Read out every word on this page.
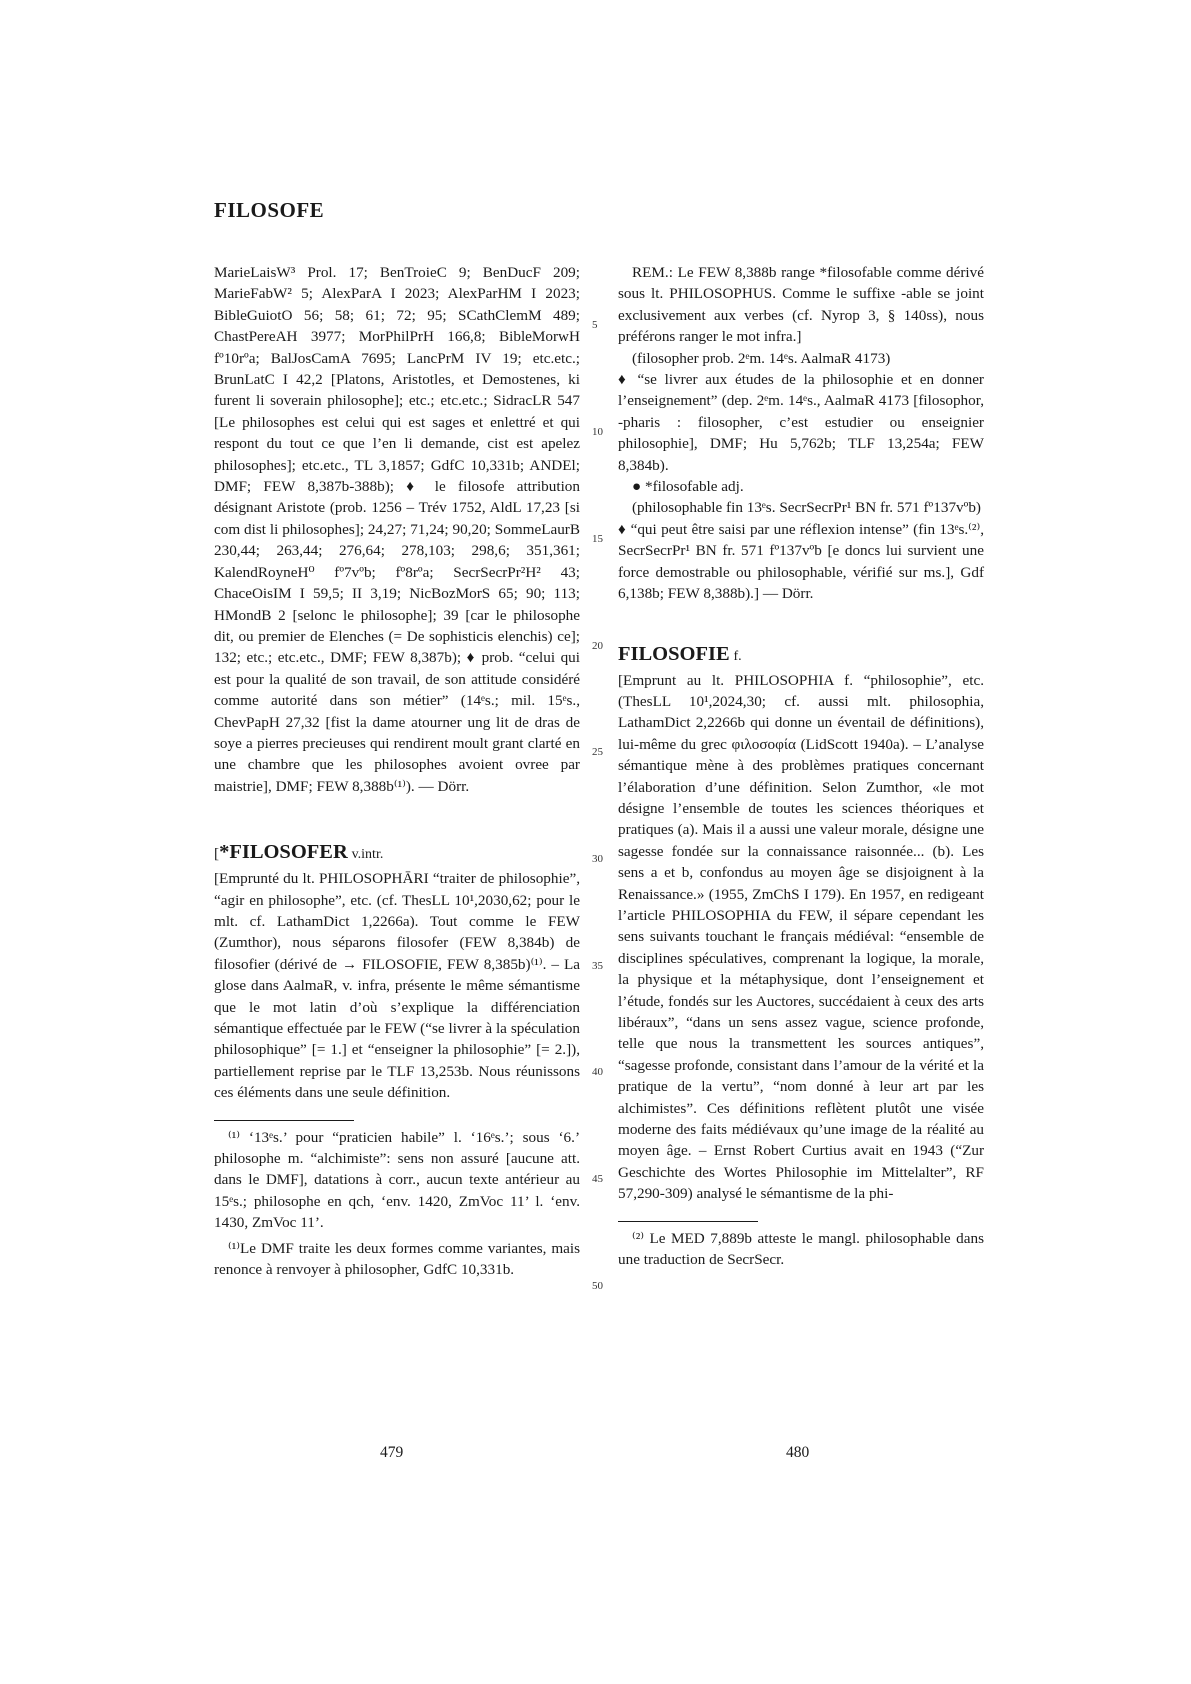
FILOSOFE

MarieLaisW³ Prol. 17; BenTroieC 9; BenDucF 209; MarieFabW² 5; AlexParA I 2023; AlexParHM I 2023; BibleGuiotO 56; 58; 61; 72; 95; SCathClemM 489; ChastPereAH 3977; MorPhilPrH 166,8; BibleMorwH fº10rºa; BalJosCamA 7695; LancPrM IV 19; etc.etc.; BrunLatC I 42,2 [Platons, Aristotles, et Demostenes, ki furent li soverain philosophe]; etc.; etc.etc.; SidracLR 547 [Le philosophes est celui qui est sages et enlettré et qui respont du tout ce que l’en li demande, cist est apelez philosophes]; etc.etc., TL 3,1857; GdfC 10,331b; ANDEl; DMF; FEW 8,387b-388b); ♦ le filosofe attribution désignant Aristote (prob. 1256 – Trév 1752, AldL 17,23 [si com dist li philosophes]; 24,27; 71,24; 90,20; SommeLaurB 230,44; 263,44; 276,64; 278,103; 298,6; 351,361; KalendRoyneH⁰ fº7vºb; fº8rºa; SecrSecrPr²H² 43; ChaceOisIM I 59,5; II 3,19; NicBozMorS 65; 90; 113; HMondB 2 [selonc le philosophe]; 39 [car le philosophe dit, ou premier de Elenches (= De sophisticis elenchis) ce]; 132; etc.; etc.etc., DMF; FEW 8,387b); ♦ prob. “celui qui est pour la qualité de son travail, de son attitude considéré comme autorité dans son métier” (14ᵉs.; mil. 15ᵉs., ChevPapH 27,32 [fist la dame atourner ung lit de dras de soye a pierres precieuses qui rendirent moult grant clarté en une chambre que les philosophes avoient ovree par maistrie], DMF; FEW 8,388b⁽¹⁾). — Dörr.

[*FILOSOFER v.intr.

[Emprunté du lt. PHILOSOPHĀRI “traiter de philosophie”, “agir en philosophe”, etc. (cf. ThesLL 10¹,2030,62; pour le mlt. cf. LathamDict 1,2266a). Tout comme le FEW (Zumthor), nous séparons filosofer (FEW 8,384b) de filosofier (dérivé de → FILOSOFIE, FEW 8,385b)⁽¹⁾. – La glose dans AalmaR, v. infra, présente le même sémantisme que le mot latin d’où s’explique la différenciation sémantique effectuée par le FEW (“se livrer à la spéculation philosophique” [= 1.] et “enseigner la philosophie” [= 2.]), partiellement reprise par le TLF 13,253b. Nous réunissons ces éléments dans une seule définition.

⁽¹⁾ ‘13ᵉs.’ pour “praticien habile” l. ‘16ᵉs.’; sous ‘6.’ philosophe m. “alchimiste”: sens non assuré [aucune att. dans le DMF], datations à corr., aucun texte antérieur au 15ᵉs.; philosophe en qch, ‘env. 1420, ZmVoc 11’ l. ‘env. 1430, ZmVoc 11’.

⁽¹⁾Le DMF traite les deux formes comme variantes, mais renonce à renvoyer à philosopher, GdfC 10,331b.

REM.: Le FEW 8,388b range *filosofable comme dérivé sous lt. PHILOSOPHUS. Comme le suffixe -able se joint exclusivement aux verbes (cf. Nyrop 3, § 140ss), nous préférons ranger le mot infra.]

(filosopher prob. 2ᵉm. 14ᵉs. AalmaR 4173)

♦ “se livrer aux études de la philosophie et en donner l’enseignement” (dep. 2ᵉm. 14ᵉs., AalmaR 4173 [filosophor, -pharis : filosopher, c’est estudier ou enseignier philosophie], DMF; Hu 5,762b; TLF 13,254a; FEW 8,384b).

● *filosofable adj.

(philosophable fin 13ᵉs. SecrSecrPr¹ BN fr. 571 fº137vºb)

♦ “qui peut être saisi par une réflexion intense” (fin 13ᵉs.⁽²⁾, SecrSecrPr¹ BN fr. 571 fº137vºb [e doncs lui survient une force demostrable ou philosophable, vérifié sur ms.], Gdf 6,138b; FEW 8,388b).] — Dörr.

FILOSOFIE f.

[Emprunt au lt. PHILOSOPHIA f. “philosophie”, etc. (ThesLL 10¹,2024,30; cf. aussi mlt. philosophia, LathamDict 2,2266b qui donne un éventail de définitions), lui-même du grec φιλοσοφία (LidScott 1940a). – L’analyse sémantique mène à des problèmes pratiques concernant l’élaboration d’une définition. Selon Zumthor, «le mot désigne l’ensemble de toutes les sciences théoriques et pratiques (a). Mais il a aussi une valeur morale, désigne une sagesse fondée sur la connaissance raisonnée... (b). Les sens a et b, confondus au moyen âge se disjoignent à la Renaissance.» (1955, ZmChS I 179). En 1957, en redigeant l’article PHILOSOPHIA du FEW, il sépare cependant les sens suivants touchant le français médiéval: “ensemble de disciplines spéculatives, comprenant la logique, la morale, la physique et la métaphysique, dont l’enseignement et l’étude, fondés sur les Auctores, succédaient à ceux des arts libéraux”, “dans un sens assez vague, science profonde, telle que nous la transmettent les sources antiques”, “sagesse profonde, consistant dans l’amour de la vérité et la pratique de la vertu”, “nom donné à leur art par les alchimistes”. Ces définitions reflètent plutôt une visée moderne des faits médiévaux qu’une image de la réalité au moyen âge. – Ernst Robert Curtius avait en 1943 (“Zur Geschichte des Wortes Philosophie im Mittelalter”, RF 57,290-309) analysé le sémantisme de la phi-

⁽²⁾ Le MED 7,889b atteste le mangl. philosophable dans une traduction de SecrSecr.

5
10
15
20
25
30
35
40
45
50
479	480
